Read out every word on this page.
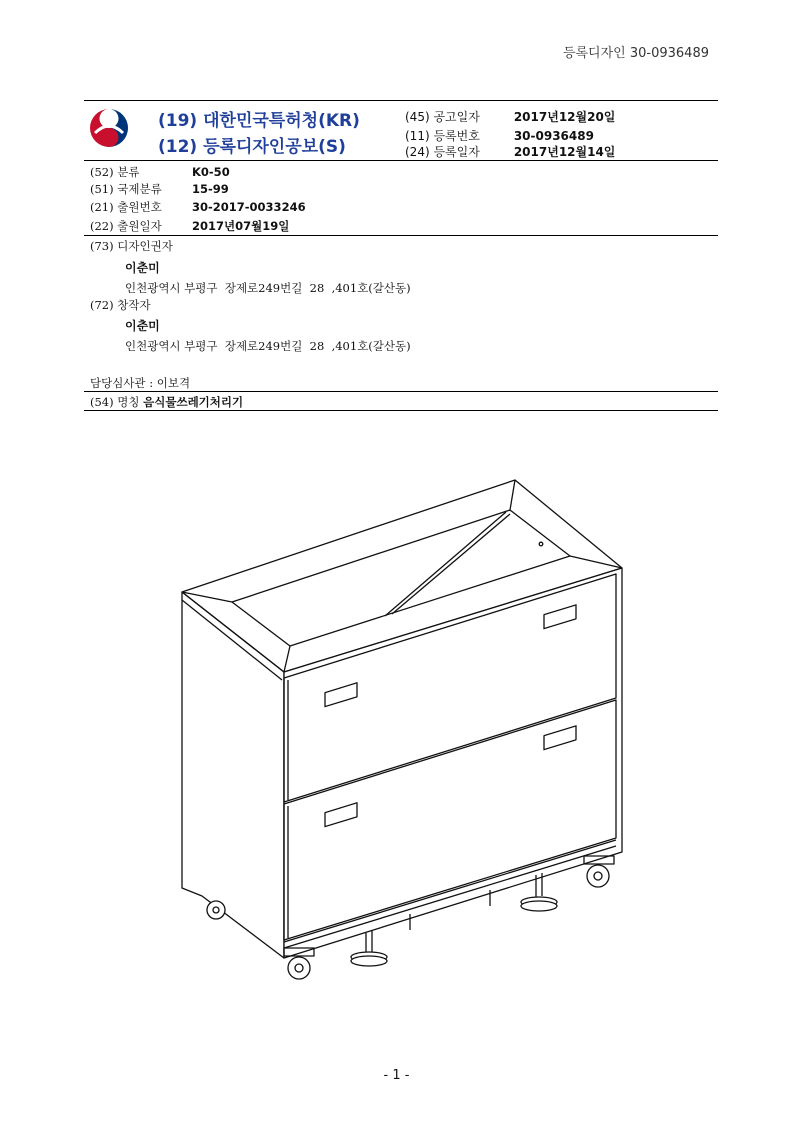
등록디자인 30-0936489
(19) 대한민국특허청(KR)
(12) 등록디자인공보(S)
(45) 공고일자	2017년12월20일
(11) 등록번호	30-0936489
(24) 등록일자	2017년12월14일
(52) 분류	K0-50
(51) 국제분류	15-99
(21) 출원번호	30-2017-0033246
(22) 출원일자	2017년07월19일
(73) 디자인권자
이춘미
인천광역시 부평구  장제로249번길  28  ,401호(갈산동)
(72) 창작자
이춘미
인천광역시 부평구  장제로249번길  28  ,401호(갈산동)
담당심사관 : 이보격
(54) 명칭 음식물쓰레기처리기
- 1 -
